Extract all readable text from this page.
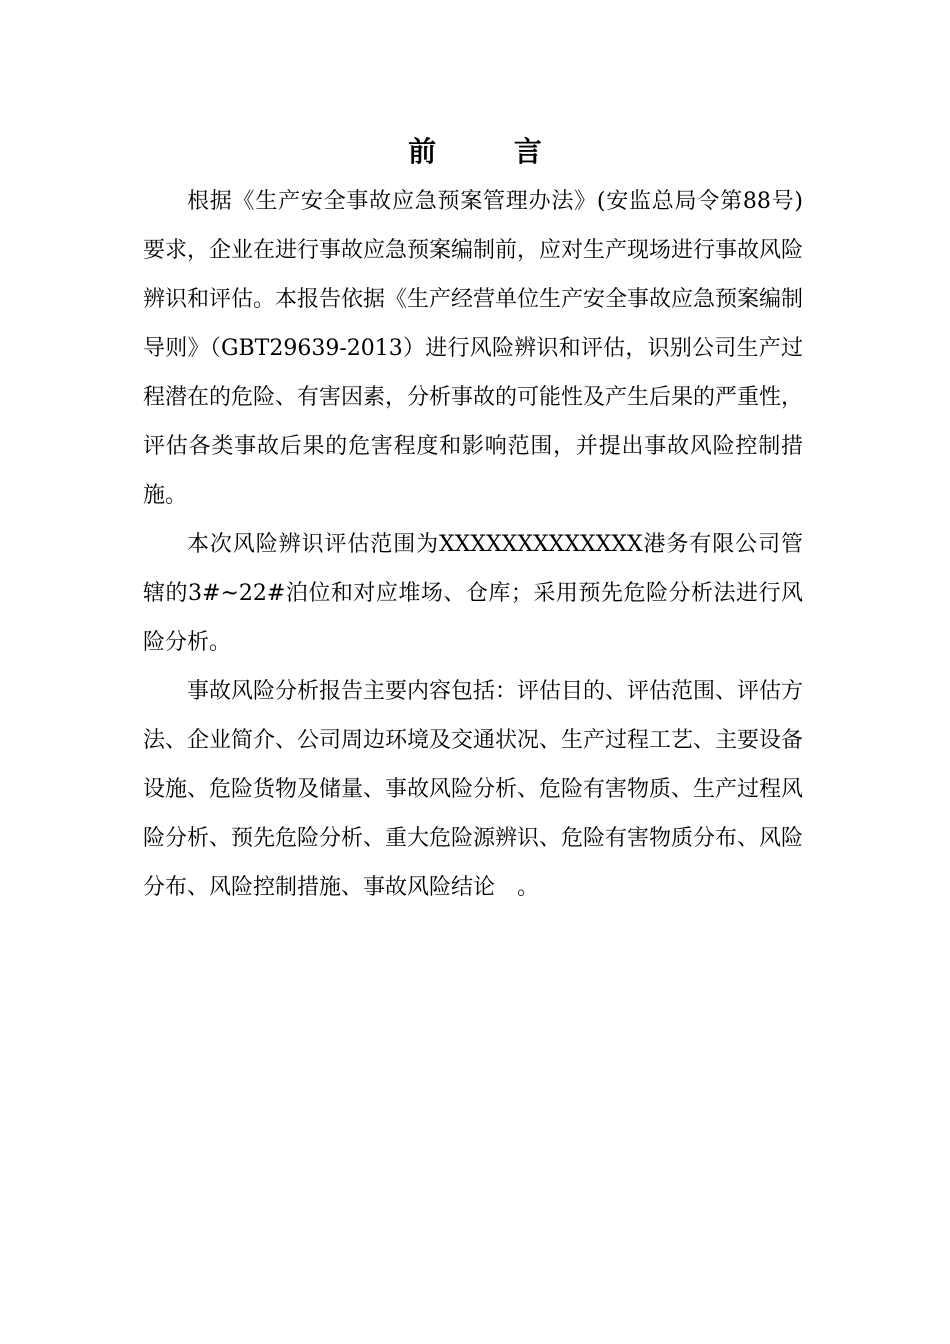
前 言

根据《生产安全事故应急预案管理办法》(安监总局令第88号)要求，企业在进行事故应急预案编制前，应对生产现场进行事故风险辨识和评估。本报告依据《生产经营单位生产安全事故应急预案编制导则》（GBT29639-2013）进行风险辨识和评估，识别公司生产过程潜在的危险、有害因素，分析事故的可能性及产生后果的严重性，评估各类事故后果的危害程度和影响范围，并提出事故风险控制措施。

本次风险辨识评估范围为XXXXXXXXXXXXX港务有限公司管辖的3#~22#泊位和对应堆场、仓库；采用预先危险分析法进行风险分析。

事故风险分析报告主要内容包括：评估目的、评估范围、评估方法、企业简介、公司周边环境及交通状况、生产过程工艺、主要设备设施、危险货物及储量、事故风险分析、危险有害物质、生产过程风险分析、预先危险分析、重大危险源辨识、危险有害物质分布、风险分布、风险控制措施、事故风险结论　。
